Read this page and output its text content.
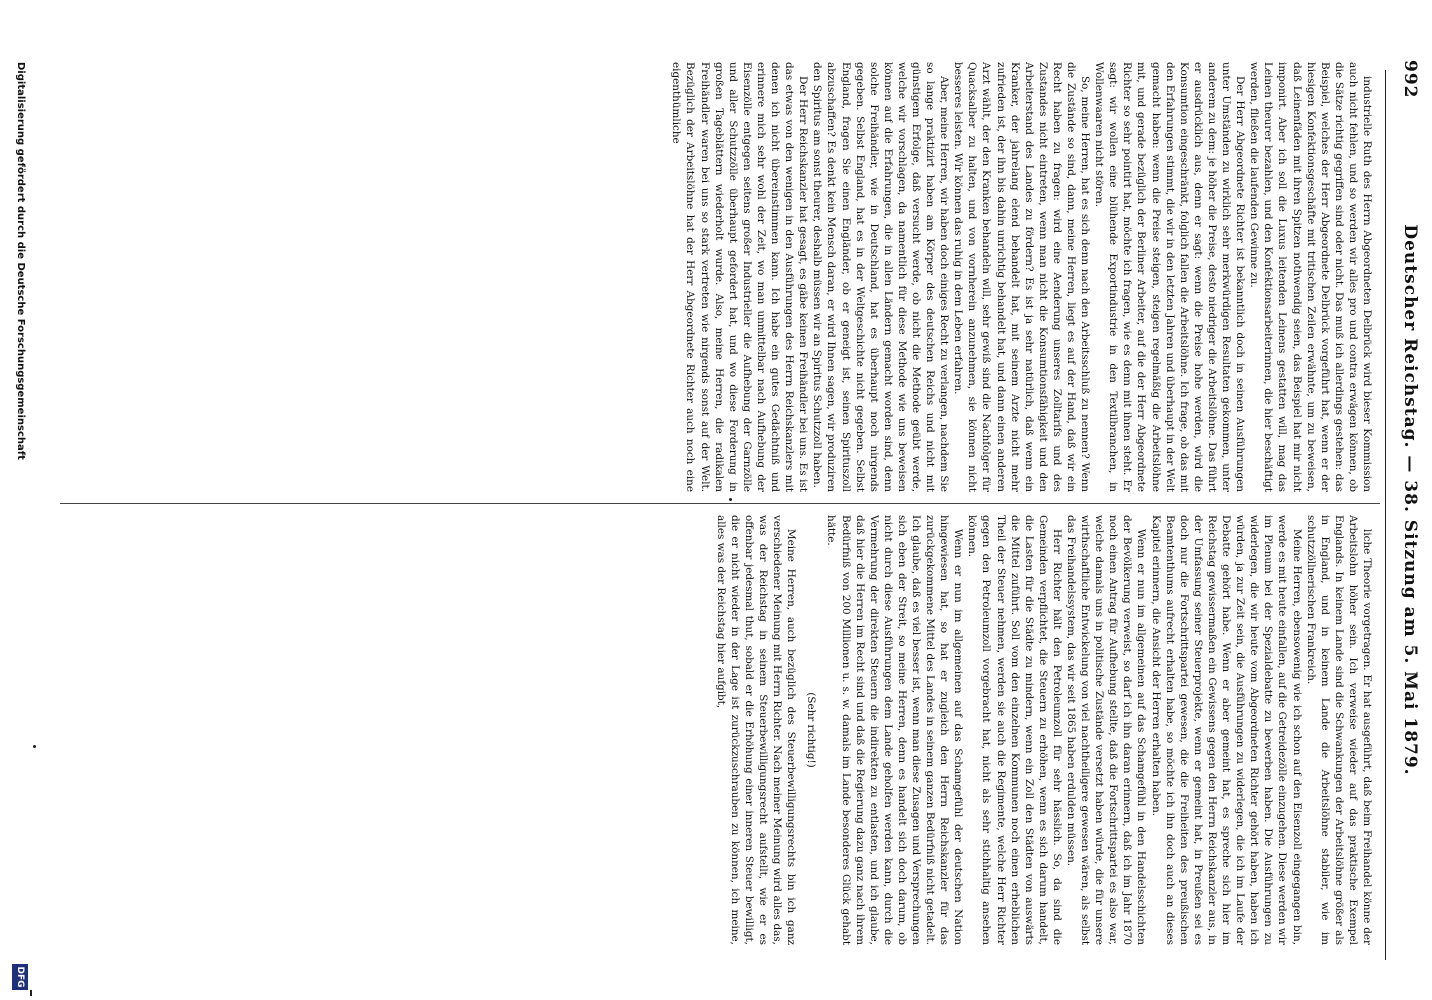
992
Deutscher Reichstag. — 38. Sitzung am 5. Mai 1879.

industrielle Ruth des Herrn Abgeordneten Delbrück wird bieser Kommission auch nicht fehlen, und so werden wir alles pro und contra erwägen können, ob die Sätze richtig gegriffen sind oder nicht. Das muß ich allerdings gestehen: das Beispiel, welches der Herr Abgeordnete Delbrück vorgeführt hat, wenn er der hiesigen Konfektionsgeschäfte mit tritischen Zeilen erwähnte, um zu beweisen, daß Leinenfäden mit ihren Spitzen nothwendig seien, das Beispiel hat mir nicht imponirt. Aber ich soll die Luxus leitenden Leinens gestatten will, mag das Leinen theurer bezahlen, und den Konfektionsarbeiterinnen, die hier beschäftigt werden, fließen die laufenden Gewinne zu.

Der Herr Abgeordnete Richter ist bekanntlich doch in seinen Ausführungen unter Umständen zu wirklich sehr merkwürdigen Resultaten gekommen, unter anderem zu dem: je höher die Preise, desto niedriger die Arbeitslöhne. Das führt er ausdrücklich aus, denn er sagt: wenn die Preise hohe werden, wird die Konsumtion eingeschränkt, folglich fallen die Arbeitslöhne. Ich frage, ob das mit den Erfahrungen stimmt, die wir in den letzten Jahren und überhaupt in der Welt gemacht haben: wenn die Preise steigen, steigen regelmäßig die Arbeitslöhne mit, und gerade bezüglich der Berliner Arbeiter, auf die der Herr Abgeordnete Richter so sehr pointirt hat, möchte ich fragen, wie es denn mit ihnen steht. Er sagt: wir wollen eine blühende Exportindustrie in den Textilbranchen, in Wollenwaaren nicht stören.

So, meine Herren, hat es sich denn nach den Arbeitsschluß zu nennen? Wenn die Zustände so sind, dann, meine Herren, liegt es auf der Hand, daß wir ein Recht haben zu fragen: wird eine Aenderung unseres Zolltarifs und des Zustandes nicht eintreten, wenn man nicht die Konsumtionsfähigkeit und den Arbeiterstand des Landes zu fördern? Es ist ja sehr natürlich, daß wenn ein Kranker, der jahrelang elend behandelt hat, mit seinem Arzte nicht mehr zufrieden ist, der ihn bis dahin unrichtig behandelt hat, und dann einen anderen Arzt wählt, der den Kranken behandeln will, sehr gewiß sind die Nachfolger für Quacksalber zu halten, und von vornherein anzunehmen, sie können nicht besseres leisten. Wir können das ruhig in dem Leben erfahren.

Aber, meine Herren, wir haben doch einiges Recht zu verlangen, nachdem Sie so lange praktizirt haben am Körper des deutschen Reichs und nicht mit günstigem Erfolge, daß versucht werde, ob nicht die Methode geübt werde, welche wir vorschlagen, da namentlich für diese Methode wie uns beweisen können auf die Erfahrungen, die in allen Ländern gemacht worden sind, denn solche Freihändler, wie in Deutschland, hat es überhaupt noch nirgends gegeben. Selbst England, hat es in der Weltgeschichte nicht gegeben. Selbst England, fragen Sie einen Engländer, ob er geneigt ist, seinen Spirituszoll abzuschaffen? Es denkt kein Mensch daran, er wird Ihnen sagen, wir produziren den Spiritus am sonst theurer, deshalb müssen wir an Spiritus Schutzzoll haben.

Der Herr Reichskanzler hat gesagt, es gäbe keinen Freihändler bei uns. Es ist das etwas von den wenigen in den Ausführungen des Herrn Reichskanzlers mit denen ich nicht übereinstimmen kann. Ich habe ein gutes Gedächtniß und erinnere mich sehr wohl der Zeit, wo man unmittelbar nach Aufhebung der Eisenzölle entgegen seitens großer Industrieller die Aufhebung der Garnzölle und aller Schutzzölle überhaupt gefordert hat, und wo diese Forderung in großen Tageblättern wiederholt wurde. Also, meine Herren, die radikalen Freihändler waren bei uns so stark vertreten wie nirgends sonst auf der Welt. Bezüglich der Arbeitslöhne hat der Herr Abgeordnete Richter auch noch eine eigenthümliche

liche Theorie vorgetragen. Er hat ausgeführt, daß beim Freihandel könne der Arbeitslohn höher sein. Ich verweise wieder auf das praktische Exempel Englands. In keinem Lande sind die Schwankungen der Arbeitslöhne größer als in England, und in keinem Lande die Arbeitslöhne stabiler, wie im schutzzöllnerischen Frankreich.

Meine Herren, ebensowenig wie ich schon auf den Eisenzoll eingegangen bin, werde es mit heute einfallen, auf die Getreidezölle einzugehen. Diese werden wir im Plenum bei der Spezialdebatte zu bewerben haben. Die Ausführungen zu widerlegen, die wir heute vom Abgeordneten Richter gehört haben, haben ich würden, ja zur Zeit sein, die Ausführungen zu widerlegen, die ich im Laufe der Debatte gehört habe. Wenn er aber gemeint hat, es spreche sich hier im Reichstag gewissermaßen ein Gewissens gegen den Herrn Reichskanzler aus, in der Umfassung seiner Steuerprojekte, wenn er gemeint hat, in Preußen sei es doch nur die Fortschrittspartei gewesen, die die Freiheiten des preußischen Beamtenthums aufrecht erhalten habe, so möchte ich ihn doch auch an dieses Kapitel erinnern, die Ansicht der Herren erhalten haben.

Wenn er nun im allgemeinen auf das Schamgefühl in den Handelsschichten der Bevölkerung verweist, so darf ich ihn daran erinnern, daß ich im Jahr 1870 noch einen Antrag für Aufhebung stellte, daß die Fortschrittspartei es also war, welche damals uns in politische Zustände versetzt haben würde, die für unsere wirthschaftliche Entwickelung von viel nachtheiligere gewesen wären, als selbst das Freihandelssystem, das wir seit 1865 haben erdulden müssen.

Herr Richter hält den Petroleumzoll für sehr hässlich. So, da sind die Gemeinden verpflichtet, die Steuern zu erhöhen, wenn es sich darum handelt, die Lasten für die Städte zu mindern, wenn ein Zoll den Städten von auswärts die Mittel zuführt. Soll vom den einzelnen Kommunen noch einen erheblichen Theil der Steuer nehmen, werden sie auch die Regimente, welche Herr Richter gegen den Petroleumzoll vorgebracht hat, nicht als sehr stichhaltig ansehen können.

Wenn er nun im allgemeinen auf das Schamgefühl der deutschen Nation hingewiesen hat, so hat er zugleich den Herrn Reichskanzler für das zurückgekommene Mittel des Landes in seinem ganzen Bedürfniß nicht getadelt. Ich glaube, daß es viel besser ist, wenn man diese Zusagen und Versprechungen sich eben der Streit, so meine Herren, denn es handelt sich doch darum, ob nicht durch diese Ausführungen dem Lande geholfen werden kann, durch die Vermehrung der direkten Steuern die indirekten zu entlasten, und ich glaube, daß hier die Herren im Recht sind und daß die Regierung dazu ganz nach ihrem Bedürfniß von 200 Millionen u. s. w. damals im Lande besonderes Glück gehabt hätte.

(Sehr richtig!)

Meine Herren, auch bezüglich des Steuerbewilligungsrechts bin ich ganz verschiedener Meinung mit Herrn Richter. Nach meiner Meinung wird alles das, was der Reichstag in seinem Steuerbewilligungsrecht aufstellt, wie er es offenbar jedesmal thut, sobald er die Erhöhung einer inneren Steuer bewilligt, die er nicht wieder in der Lage ist zurückzuschrauben zu können, ich meine, alles was der Reichstag hier aufgibt,

Digitalisierung gefördert durch die Deutsche Forschungsgemeinschaft
DFG
